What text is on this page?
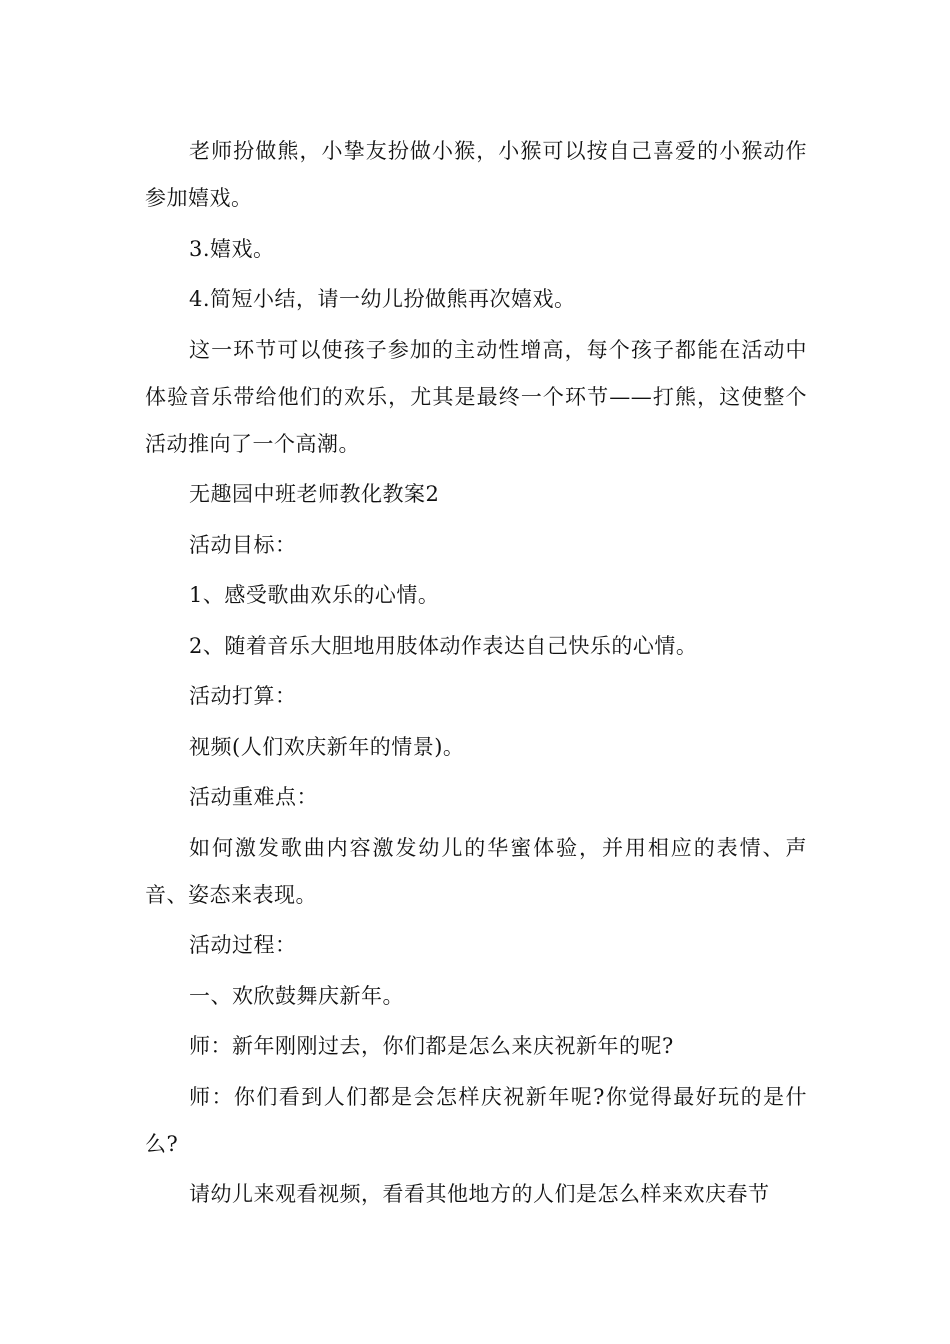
老师扮做熊，小挚友扮做小猴，小猴可以按自己喜爱的小猴动作参加嬉戏。

3.嬉戏。

4.简短小结，请一幼儿扮做熊再次嬉戏。

这一环节可以使孩子参加的主动性增高，每个孩子都能在活动中体验音乐带给他们的欢乐，尤其是最终一个环节——打熊，这使整个活动推向了一个高潮。

无趣园中班老师教化教案2

活动目标：

1、感受歌曲欢乐的心情。

2、随着音乐大胆地用肢体动作表达自己快乐的心情。

活动打算：

视频(人们欢庆新年的情景)。

活动重难点：

如何激发歌曲内容激发幼儿的华蜜体验，并用相应的表情、声音、姿态来表现。

活动过程：

一、欢欣鼓舞庆新年。

师：新年刚刚过去，你们都是怎么来庆祝新年的呢?

师：你们看到人们都是会怎样庆祝新年呢?你觉得最好玩的是什么?

请幼儿来观看视频，看看其他地方的人们是怎么样来欢庆春节
